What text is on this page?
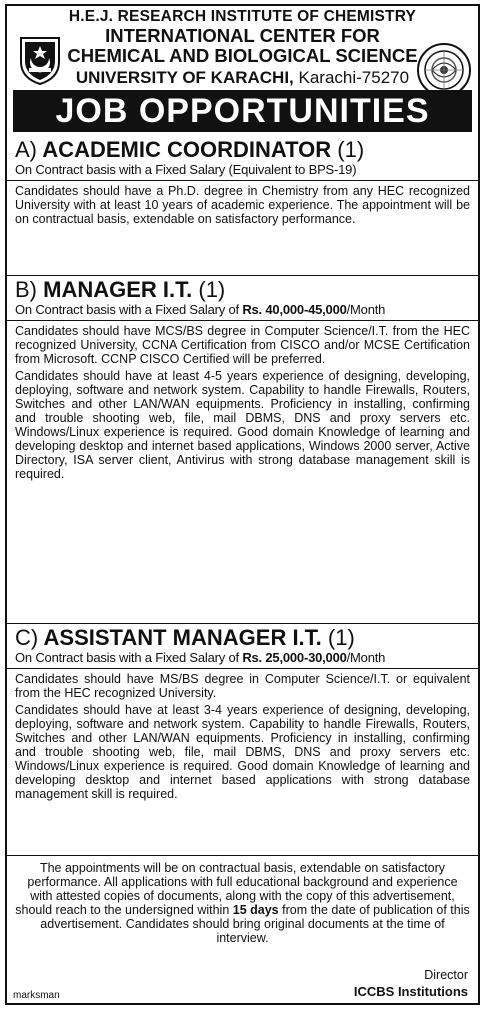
H.E.J. RESEARCH INSTITUTE OF CHEMISTRY
INTERNATIONAL CENTER FOR
CHEMICAL AND BIOLOGICAL SCIENCE
UNIVERSITY OF KARACHI, Karachi-75270
JOB OPPORTUNITIES
A) ACADEMIC COORDINATOR (1)
On Contract basis with a Fixed Salary (Equivalent to BPS-19)

Candidates should have a Ph.D. degree in Chemistry from any HEC recognized University with at least 10 years of academic experience. The appointment will be on contractual basis, extendable on satisfactory performance.

B) MANAGER I.T. (1)
On Contract basis with a Fixed Salary of Rs. 40,000-45,000/Month

Candidates should have MCS/BS degree in Computer Science/I.T. from the HEC recognized University, CCNA Certification from CISCO and/or MCSE Certification from Microsoft. CCNP CISCO Certified will be preferred.

Candidates should have at least 4-5 years experience of designing, developing, deploying, software and network system. Capability to handle Firewalls, Routers, Switches and other LAN/WAN equipments. Proficiency in installing, confirming and trouble shooting web, file, mail DBMS, DNS and proxy servers etc. Windows/Linux experience is required. Good domain Knowledge of learning and developing desktop and internet based applications, Windows 2000 server, Active Directory, ISA server client, Antivirus with strong database management skill is required.

C) ASSISTANT MANAGER I.T. (1)
On Contract basis with a Fixed Salary of Rs. 25,000-30,000/Month

Candidates should have MS/BS degree in Computer Science/I.T. or equivalent from the HEC recognized University.

Candidates should have at least 3-4 years experience of designing, developing, deploying, software and network system. Capability to handle Firewalls, Routers, Switches and other LAN/WAN equipments. Proficiency in installing, confirming and trouble shooting web, file, mail DBMS, DNS and proxy servers etc. Windows/Linux experience is required. Good domain Knowledge of learning and developing desktop and internet based applications with strong database management skill is required.

The appointments will be on contractual basis, extendable on satisfactory performance. All applications with full educational background and experience with attested copies of documents, along with the copy of this advertisement, should reach to the undersigned within 15 days from the date of publication of this advertisement. Candidates should bring original documents at the time of interview.

Director
ICCBS Institutions
marksman
